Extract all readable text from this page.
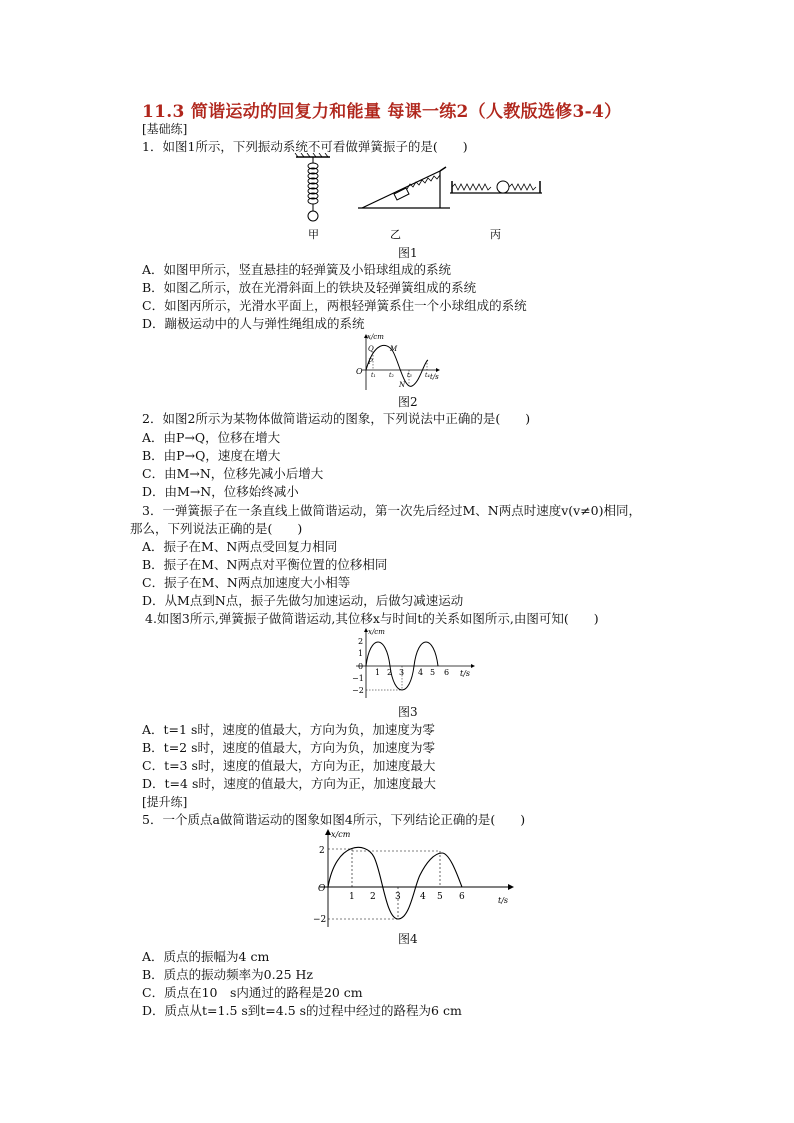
11.3 简谐运动的回复力和能量 每课一练2（人教版选修3-4）
[基础练]
1．如图1所示，下列振动系统不可看做弹簧振子的是(　　)
甲	乙	丙
图1
A．如图甲所示，竖直悬挂的轻弹簧及小铅球组成的系统
B．如图乙所示，放在光滑斜面上的铁块及轻弹簧组成的系统
C．如图丙所示，光滑水平面上，两根轻弹簧系住一个小球组成的系统
D．蹦极运动中的人与弹性绳组成的系统
x/cm
t/s
O
Q
P
M
N
t₁ t₂ t₃ t₄
图2
2．如图2所示为某物体做简谐运动的图象，下列说法中正确的是(　　)
A．由P→Q，位移在增大
B．由P→Q，速度在增大
C．由M→N，位移先减小后增大
D．由M→N，位移始终减小
3．一弹簧振子在一条直线上做简谐运动，第一次先后经过M、N两点时速度v(v≠0)相同，
那么，下列说法正确的是(　　)
A．振子在M、N两点受回复力相同
B．振子在M、N两点对平衡位置的位移相同
C．振子在M、N两点加速度大小相等
D．从M点到N点，振子先做匀加速运动，后做匀减速运动
4.如图3所示,弹簧振子做简谐运动,其位移x与时间t的关系如图所示,由图可知(　　)
x/cm
t/s
2
1
0
−1
−2
1 2 3 4 5 6
图3
A．t=1 s时，速度的值最大，方向为负，加速度为零
B．t=2 s时，速度的值最大，方向为负，加速度为零
C．t=3 s时，速度的值最大，方向为正，加速度最大
D．t=4 s时，速度的值最大，方向为正，加速度最大
[提升练]
5．一个质点a做简谐运动的图象如图4所示，下列结论正确的是(　　)
x/cm
t/s
O
2
−2
1 2 3 4 5 6
图4
A．质点的振幅为4 cm
B．质点的振动频率为0.25 Hz
C．质点在10　s内通过的路程是20 cm
D．质点从t=1.5 s到t=4.5 s的过程中经过的路程为6 cm
